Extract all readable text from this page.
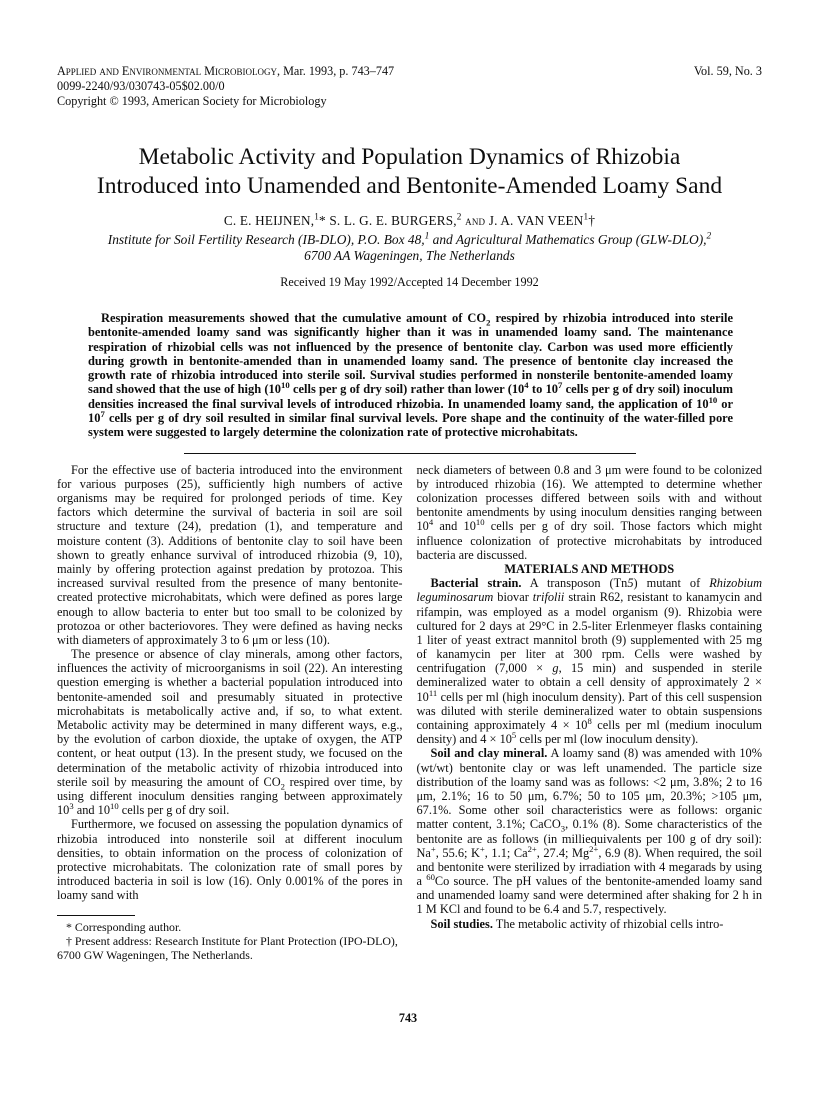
Applied and Environmental Microbiology, Mar. 1993, p. 743–747
0099-2240/93/030743-05$02.00/0
Copyright © 1993, American Society for Microbiology
Vol. 59, No. 3
Metabolic Activity and Population Dynamics of Rhizobia Introduced into Unamended and Bentonite-Amended Loamy Sand
C. E. HEIJNEN,$^1$* S. L. G. E. BURGERS,$^2$ and J. A. VAN VEEN$^1$†
Institute for Soil Fertility Research (IB-DLO), P.O. Box 48,$^1$ and Agricultural Mathematics Group (GLW-DLO),$^2$ 6700 AA Wageningen, The Netherlands
Received 19 May 1992/Accepted 14 December 1992
Respiration measurements showed that the cumulative amount of $CO_2$ respired by rhizobia introduced into sterile bentonite-amended loamy sand was significantly higher than it was in unamended loamy sand. The maintenance respiration of rhizobial cells was not influenced by the presence of bentonite clay. Carbon was used more efficiently during growth in bentonite-amended than in unamended loamy sand. The presence of bentonite clay increased the growth rate of rhizobia introduced into sterile soil. Survival studies performed in nonsterile bentonite-amended loamy sand showed that the use of high ($10^{10}$ cells per g of dry soil) rather than lower ($10^4$ to $10^7$ cells per g of dry soil) inoculum densities increased the final survival levels of introduced rhizobia. In unamended loamy sand, the application of $10^{10}$ or $10^7$ cells per g of dry soil resulted in similar final survival levels. Pore shape and the continuity of the water-filled pore system were suggested to largely determine the colonization rate of protective microhabitats.

For the effective use of bacteria introduced into the environment for various purposes (25), sufficiently high numbers of active organisms may be required for prolonged periods of time. Key factors which determine the survival of bacteria in soil are soil structure and texture (24), predation (1), and temperature and moisture content (3). Additions of bentonite clay to soil have been shown to greatly enhance survival of introduced rhizobia (9, 10), mainly by offering protection against predation by protozoa. This increased survival resulted from the presence of many bentonite-created protective microhabitats, which were defined as pores large enough to allow bacteria to enter but too small to be colonized by protozoa or other bacteriovores. They were defined as having necks with diameters of approximately 3 to 6 μm or less (10).

The presence or absence of clay minerals, among other factors, influences the activity of microorganisms in soil (22). An interesting question emerging is whether a bacterial population introduced into bentonite-amended soil and presumably situated in protective microhabitats is metabolically active and, if so, to what extent. Metabolic activity may be determined in many different ways, e.g., by the evolution of carbon dioxide, the uptake of oxygen, the ATP content, or heat output (13). In the present study, we focused on the determination of the metabolic activity of rhizobia introduced into sterile soil by measuring the amount of $CO_2$ respired over time, by using different inoculum densities ranging between approximately $10^3$ and $10^{10}$ cells per g of dry soil.

Furthermore, we focused on assessing the population dynamics of rhizobia introduced into nonsterile soil at different inoculum densities, to obtain information on the process of colonization of protective microhabitats. The colonization rate of small pores by introduced bacteria in soil is low (16). Only 0.001% of the pores in loamy sand with

* Corresponding author.

† Present address: Research Institute for Plant Protection (IPO-DLO), 6700 GW Wageningen, The Netherlands.

neck diameters of between 0.8 and 3 μm were found to be colonized by introduced rhizobia (16). We attempted to determine whether colonization processes differed between soils with and without bentonite amendments by using inoculum densities ranging between $10^4$ and $10^{10}$ cells per g of dry soil. Those factors which might influence colonization of protective microhabitats by introduced bacteria are discussed.

MATERIALS AND METHODS

Bacterial strain. A transposon (Tn5) mutant of Rhizobium leguminosarum biovar trifolii strain R62, resistant to kanamycin and rifampin, was employed as a model organism (9). Rhizobia were cultured for 2 days at 29°C in 2.5-liter Erlenmeyer flasks containing 1 liter of yeast extract mannitol broth (9) supplemented with 25 mg of kanamycin per liter at 300 rpm. Cells were washed by centrifugation (7,000 × g, 15 min) and suspended in sterile demineralized water to obtain a cell density of approximately $2 \times 10^{11}$ cells per ml (high inoculum density). Part of this cell suspension was diluted with sterile demineralized water to obtain suspensions containing approximately $4 \times 10^8$ cells per ml (medium inoculum density) and $4 \times 10^5$ cells per ml (low inoculum density).

Soil and clay mineral. A loamy sand (8) was amended with 10% (wt/wt) bentonite clay or was left unamended. The particle size distribution of the loamy sand was as follows: <2 μm, 3.8%; 2 to 16 μm, 2.1%; 16 to 50 μm, 6.7%; 50 to 105 μm, 20.3%; >105 μm, 67.1%. Some other soil characteristics were as follows: organic matter content, 3.1%; CaCO$_3$, 0.1% (8). Some characteristics of the bentonite are as follows (in milliequivalents per 100 g of dry soil): Na+, 55.6; K+, 1.1; $Ca^{2+}$, 27.4; $Mg^{2+}$, 6.9 (8). When required, the soil and bentonite were sterilized by irradiation with 4 megarads by using a $^{60}$Co source. The pH values of the bentonite-amended loamy sand and unamended loamy sand were determined after shaking for 2 h in 1 M KCl and found to be 6.4 and 5.7, respectively.

Soil studies. The metabolic activity of rhizobial cells intro-

743
